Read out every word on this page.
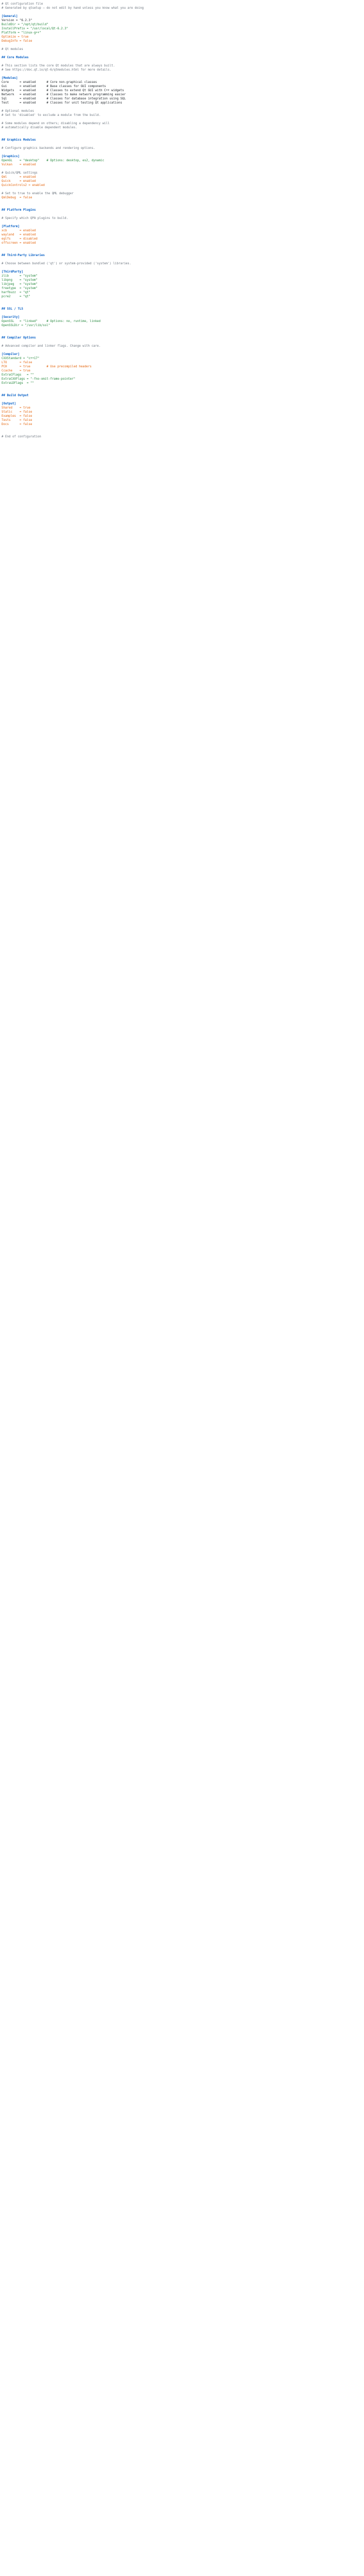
# Qt configuration file
# Generated by qtsetup — do not edit by hand unless you know what you are doing
[General]
Version = "6.2.3"
BuildDir = "/opt/qt/build"
InstallPrefix = "/usr/local/Qt-6.2.3"
Platform = "linux-g++"
Optimize = true
DebugInfo = false
# Qt modules
## Core Modules
# This section lists the core Qt modules that are always built.
# See https://doc.qt.io/qt-6/qtmodules.html for more details.
[Modules]
Core      = enabled      # Core non-graphical classes
Gui       = enabled      # Base classes for GUI components
Widgets   = enabled      # Classes to extend Qt GUI with C++ widgets
Network   = enabled      # Classes to make network programming easier
Sql       = enabled      # Classes for database integration using SQL
Test      = enabled      # Classes for unit testing Qt applications
# Optional modules
# Set to 'disabled' to exclude a module from the build.
# Some modules depend on others; disabling a dependency will
# automatically disable dependent modules.
## Graphics Modules
# Configure graphics backends and rendering options.
[Graphics]
OpenGL    = "desktop"    # Options: desktop, es2, dynamic
Vulkan    = enabled
# Quick/QML settings
Qml       = enabled
Quick     = enabled
QuickControls2 = enabled
# Set to true to enable the QML debugger
QmlDebug  = false
## Platform Plugins
# Specify which QPA plugins to build.
[Platform]
xcb       = enabled
wayland   = enabled
eglfs     = disabled
offscreen = enabled
## Third-Party Libraries
# Choose between bundled ('qt') or system-provided ('system') libraries.
[ThirdParty]
zlib      = "system"
libpng    = "system"
libjpeg   = "system"
freetype  = "system"
harfbuzz  = "qt"
pcre2     = "qt"
## SSL / TLS
[Security]
OpenSSL   = "linked"     # Options: no, runtime, linked
OpenSSLDir = "/usr/lib/ssl"
## Compiler Options
# Advanced compiler and linker flags. Change with care.
[Compiler]
CXXStandard = "c++17"
LTO       = false
PCH       = true         # Use precompiled headers
Ccache    = true
ExtraCFlags   = ""
ExtraCXXFlags = "-fno-omit-frame-pointer"
ExtraLDFlags  = ""
## Build Output
[Output]
Shared    = true
Static    = false
Examples  = false
Tests     = false
Docs      = false
# End of configuration
